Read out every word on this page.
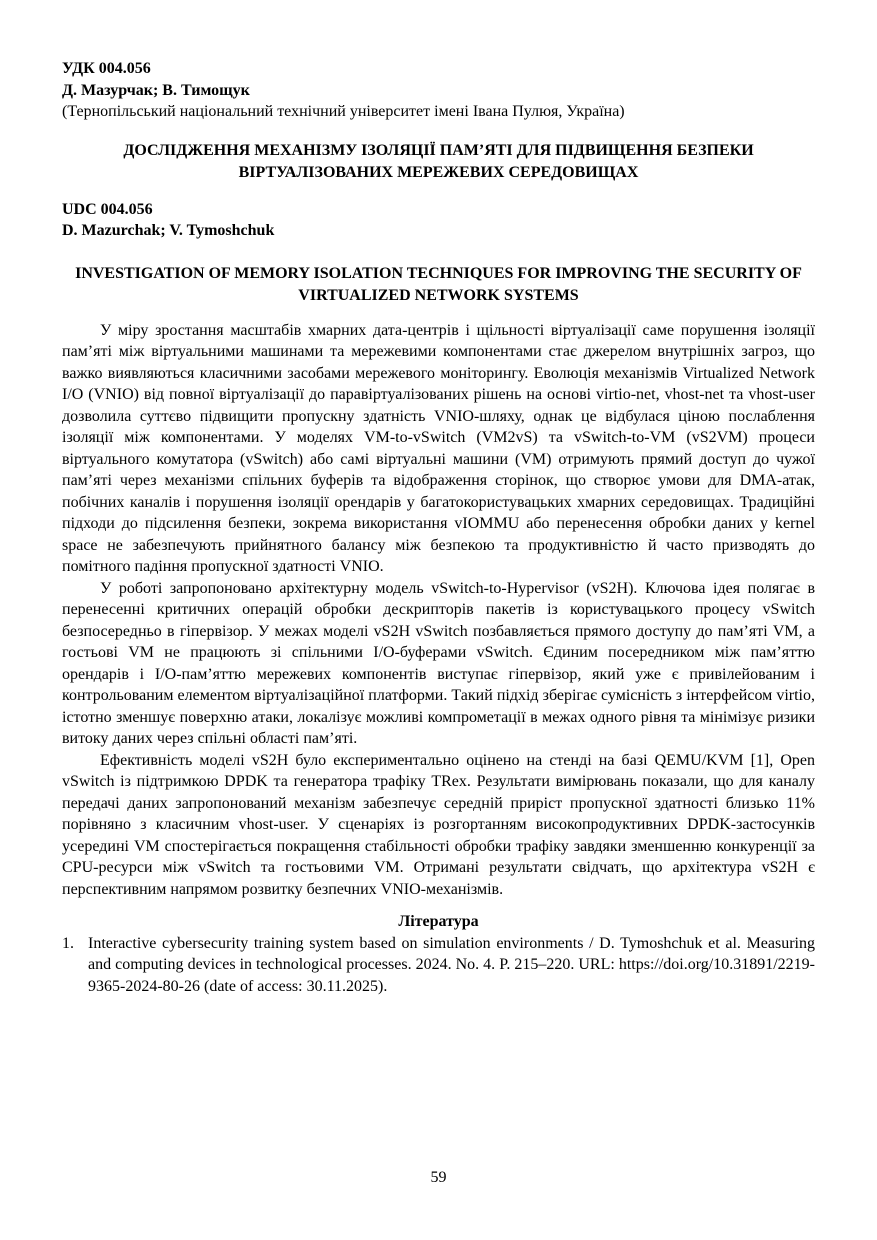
УДК 004.056
Д. Мазурчак; В. Тимощук
(Тернопільський національний технічний університет імені Івана Пулюя, Україна)
ДОСЛІДЖЕННЯ МЕХАНІЗМУ ІЗОЛЯЦІЇ ПАМ’ЯТІ ДЛЯ ПІДВИЩЕННЯ БЕЗПЕКИ ВІРТУАЛІЗОВАНИХ МЕРЕЖЕВИХ СЕРЕДОВИЩАХ
UDC 004.056
D. Mazurchak; V. Tymoshchuk
INVESTIGATION OF MEMORY ISOLATION TECHNIQUES FOR IMPROVING THE SECURITY OF VIRTUALIZED NETWORK SYSTEMS

У міру зростання масштабів хмарних дата-центрів і щільності віртуалізації саме порушення ізоляції пам’яті між віртуальними машинами та мережевими компонентами стає джерелом внутрішніх загроз, що важко виявляються класичними засобами мережевого моніторингу. Еволюція механізмів Virtualized Network I/O (VNIO) від повної віртуалізації до паравіртуалізованих рішень на основі virtio-net, vhost-net та vhost-user дозволила суттєво підвищити пропускну здатність VNIO-шляху, однак це відбулася ціною послаблення ізоляції між компонентами. У моделях VM-to-vSwitch (VM2vS) та vSwitch-to-VM (vS2VM) процеси віртуального комутатора (vSwitch) або самі віртуальні машини (VM) отримують прямий доступ до чужої пам’яті через механізми спільних буферів та відображення сторінок, що створює умови для DMA-атак, побічних каналів і порушення ізоляції орендарів у багатокористувацьких хмарних середовищах. Традиційні підходи до підсилення безпеки, зокрема використання vIOMMU або перенесення обробки даних у kernel space не забезпечують прийнятного балансу між безпекою та продуктивністю й часто призводять до помітного падіння пропускної здатності VNIO.

У роботі запропоновано архітектурну модель vSwitch-to-Hypervisor (vS2H). Ключова ідея полягає в перенесенні критичних операцій обробки дескрипторів пакетів із користувацького процесу vSwitch безпосередньо в гіпервізор. У межах моделі vS2H vSwitch позбавляється прямого доступу до пам’яті VM, а гостьові VM не працюють зі спільними I/O-буферами vSwitch. Єдиним посередником між пам’яттю орендарів і I/O-пам’яттю мережевих компонентів виступає гіпервізор, який уже є привілейованим і контрольованим елементом віртуалізаційної платформи. Такий підхід зберігає сумісність з інтерфейсом virtio, істотно зменшує поверхню атаки, локалізує можливі компрометації в межах одного рівня та мінімізує ризики витоку даних через спільні області пам’яті.

Ефективність моделі vS2H було експериментально оцінено на стенді на базі QEMU/KVM [1], Open vSwitch із підтримкою DPDK та генератора трафіку TRex. Результати вимірювань показали, що для каналу передачі даних запропонований механізм забезпечує середній приріст пропускної здатності близько 11% порівняно з класичним vhost-user. У сценаріях із розгортанням високопродуктивних DPDK-застосунків усередині VM спостерігається покращення стабільності обробки трафіку завдяки зменшенню конкуренції за CPU-ресурси між vSwitch та гостьовими VM. Отримані результати свідчать, що архітектура vS2H є перспективним напрямом розвитку безпечних VNIO-механізмів.

Література
1. Interactive cybersecurity training system based on simulation environments / D. Tymoshchuk et al. Measuring and computing devices in technological processes. 2024. No. 4. P. 215–220. URL: https://doi.org/10.31891/2219-9365-2024-80-26 (date of access: 30.11.2025).
59
